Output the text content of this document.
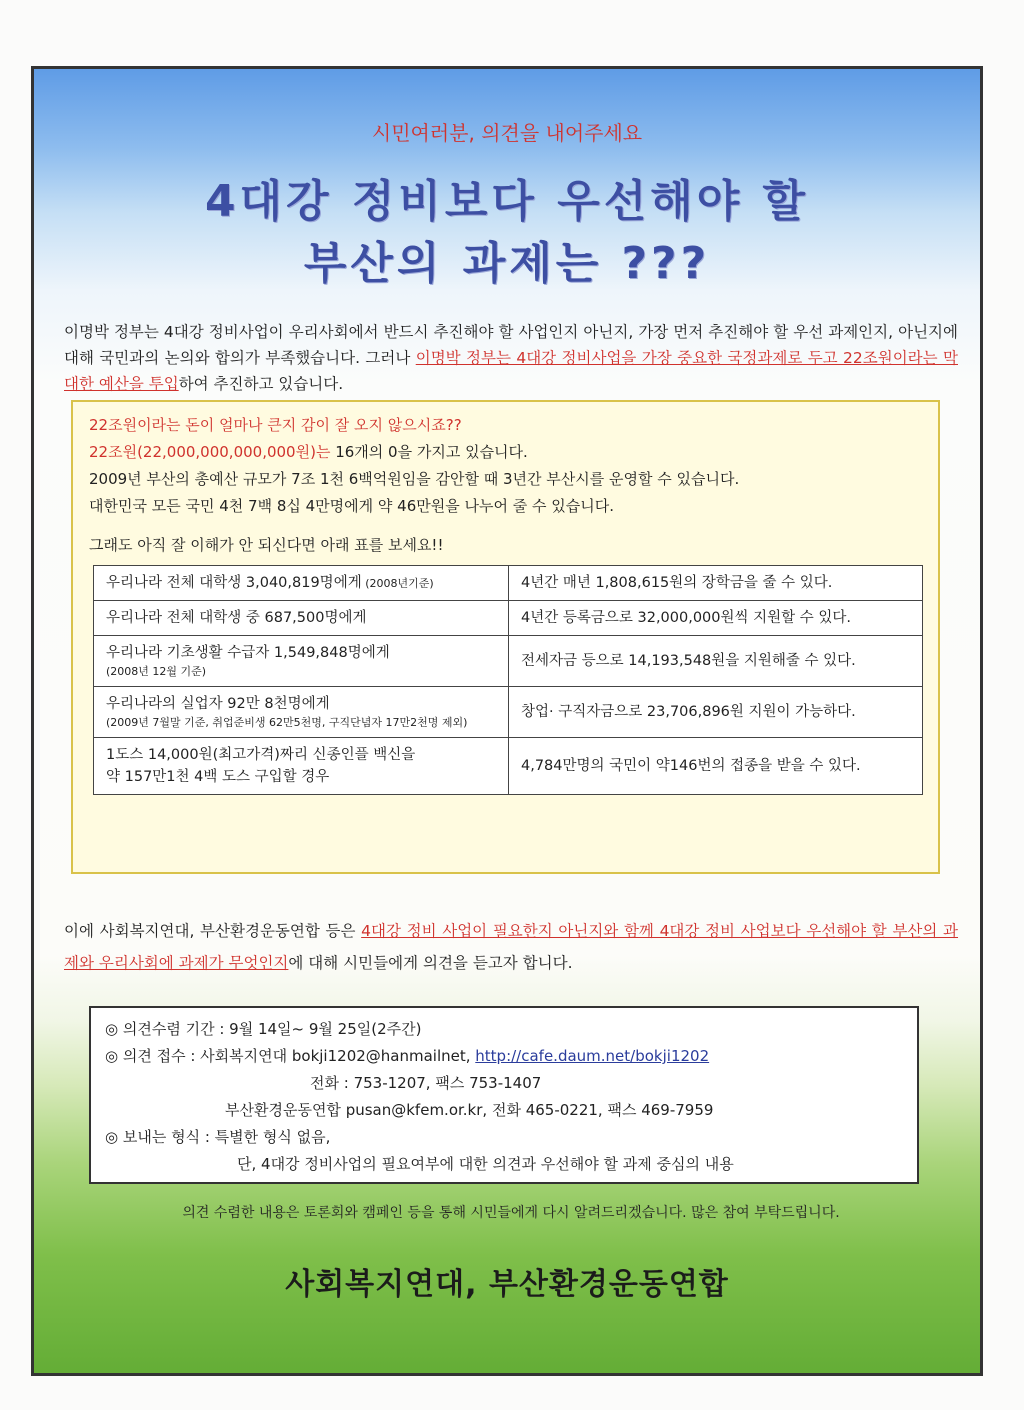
시민여러분, 의견을 내어주세요
4대강 정비보다 우선해야 할
부산의 과제는 ???
이명박 정부는 4대강 정비사업이 우리사회에서 반드시 추진해야 할 사업인지 아닌지, 가장 먼저 추진해야 할 우선 과제인지, 아닌지에 대해 국민과의 논의와 합의가 부족했습니다. 그러나 이명박 정부는 4대강 정비사업을 가장 중요한 국정과제로 두고 22조원이라는 막대한 예산을 투입하여 추진하고 있습니다.

22조원이라는 돈이 얼마나 큰지 감이 잘 오지 않으시죠??

22조원(22,000,000,000,000원)는 16개의 0을 가지고 있습니다.

2009년 부산의 총예산 규모가 7조 1천 6백억원임을 감안할 때 3년간 부산시를 운영할 수 있습니다.

대한민국 모든 국민 4천 7백 8십 4만명에게 약 46만원을 나누어 줄 수 있습니다.

그래도 아직 잘 이해가 안 되신다면 아래 표를 보세요!!

우리나라 전체 대학생 3,040,819명에게 (2008년기준)	4년간 매년 1,808,615원의 장학금을 줄 수 있다.
우리나라 전체 대학생 중 687,500명에게	4년간 등록금으로 32,000,000원씩 지원할 수 있다.

우리나라 기초생활 수급자 1,549,848명에게
(2008년 12월 기준)	전세자금 등으로 14,193,548원을 지원해줄 수 있다.

우리나라의 실업자 92만 8천명에게
(2009년 7월말 기준, 취업준비생 62만5천명, 구직단념자 17만2천명 제외)	창업· 구직자금으로 23,706,896원 지원이 가능하다.

1도스 14,000원(최고가격)짜리 신종인플 백신을
약 157만1천 4백 도스 구입할 경우	4,784만명의 국민이 약146번의 접종을 받을 수 있다.
이에 사회복지연대, 부산환경운동연합 등은 4대강 정비 사업이 필요한지 아닌지와 함께 4대강 정비 사업보다 우선해야 할 부산의 과제와 우리사회에 과제가 무엇인지에 대해 시민들에게 의견을 듣고자 합니다.
◎ 의견수렴 기간 : 9월 14일~ 9월 25일(2주간)
◎ 의견 접수 : 사회복지연대 bokji1202@hanmailnet, http://cafe.daum.net/bokji1202
전화 : 753-1207, 팩스 753-1407
부산환경운동연합 pusan@kfem.or.kr, 전화 465-0221, 팩스 469-7959
◎ 보내는 형식 : 특별한 형식 없음,
단, 4대강 정비사업의 필요여부에 대한 의견과 우선해야 할 과제 중심의 내용
의견 수렴한 내용은 토론회와 캠페인 등을 통해 시민들에게 다시 알려드리겠습니다. 많은 참여 부탁드립니다.
사회복지연대, 부산환경운동연합
